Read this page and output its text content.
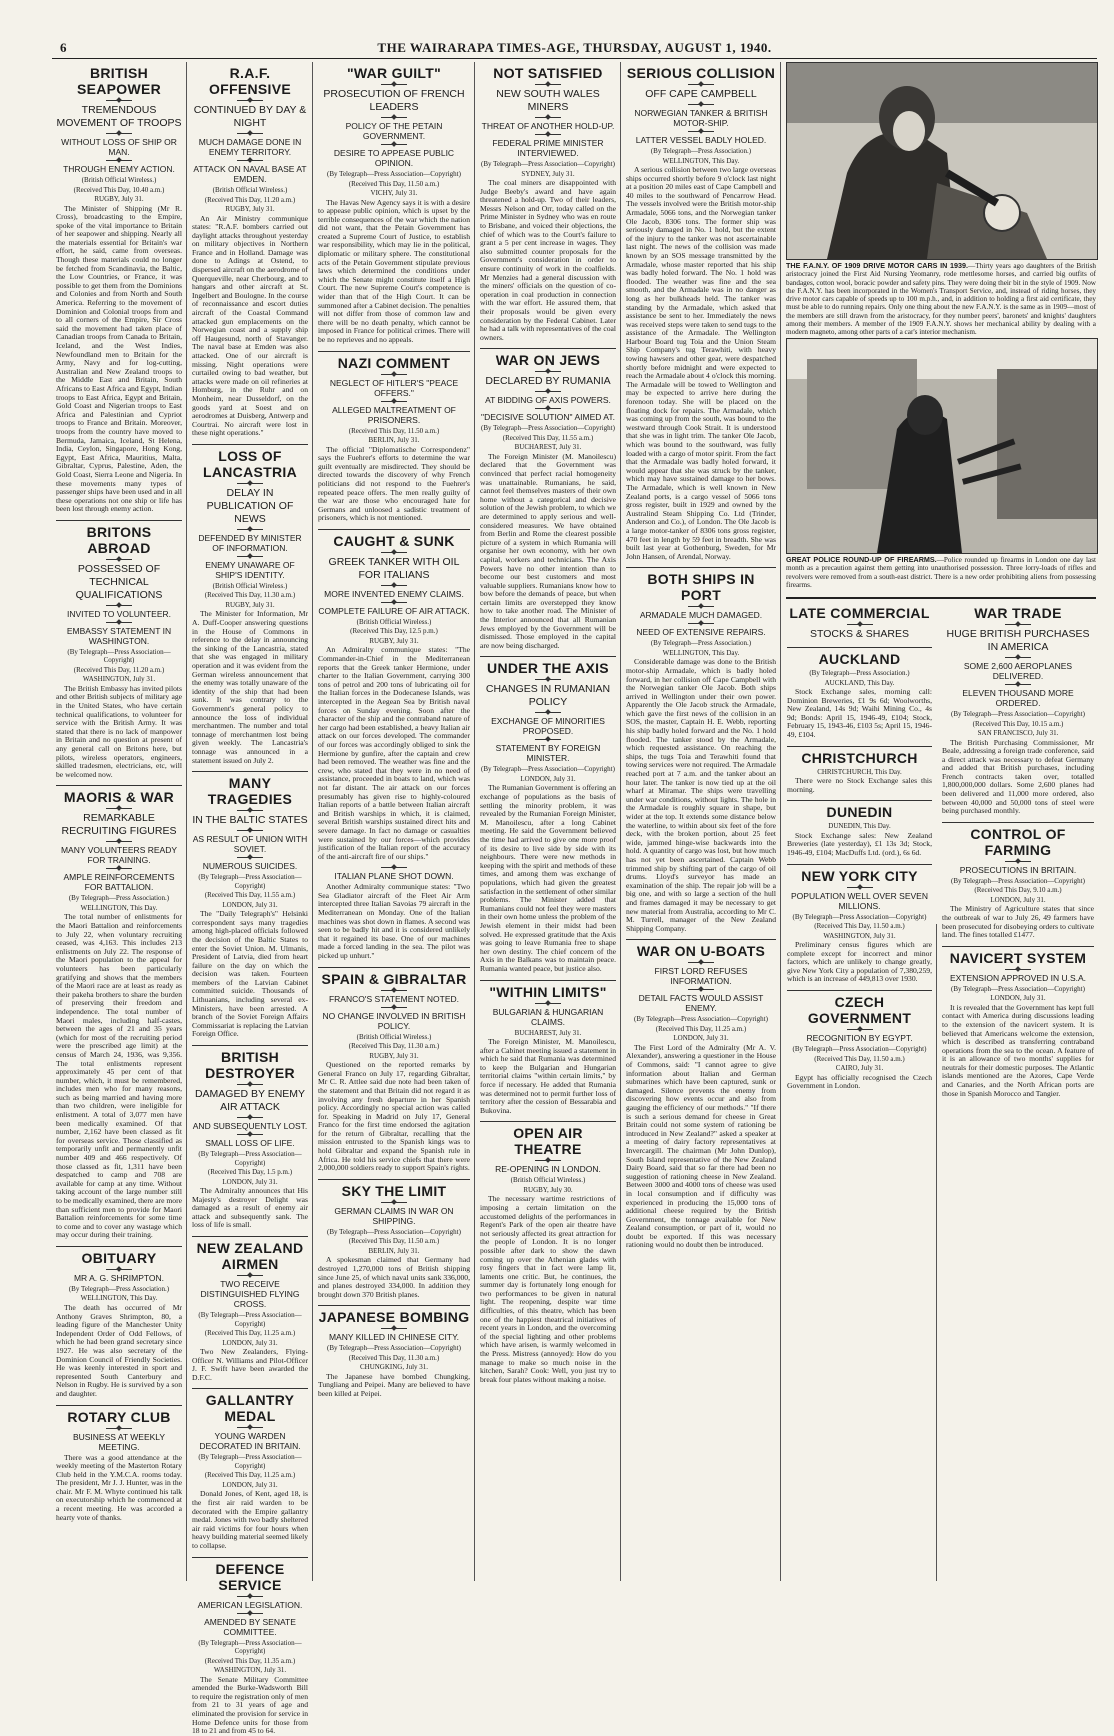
6	THE WAIRARAPA TIMES-AGE, THURSDAY, AUGUST 1, 1940.
BRITISH SEAPOWER
TREMENDOUS MOVEMENT OF TROOPS
WITHOUT LOSS OF SHIP OR MAN.
THROUGH ENEMY ACTION.
(British Official Wireless.)
(Received This Day, 10.40 a.m.)
RUGBY, July 31.

The Minister of Shipping (Mr R. Cross), broadcasting to the Empire, spoke of the vital importance to Britain of her seapower and shipping. Nearly all the materials essential for Britain's war effort, he said, came from overseas. Though these materials could no longer be fetched from Scandinavia, the Baltic, the Low Countries, or France, it was possible to get them from the Dominions and Colonies and from North and South America. Referring to the movement of Dominion and Colonial troops from and to all corners of the Empire, Sir Cross said the movement had taken place of Canadian troops from Canada to Britain, Iceland, and the West Indies, Newfoundland men to Britain for the Army, Navy and for log-cutting, Australian and New Zealand troops to the Middle East and Britain, South Africans to East Africa and Egypt, Indian troops to East Africa, Egypt and Britain, Gold Coast and Nigerian troops to East Africa and Palestinian and Cypriot troops to France and Britain. Moreover, troops from the country have moved to Bermuda, Jamaica, Iceland, St Helena, India, Ceylon, Singapore, Hong Kong, Egypt, East Africa, Mauritius, Malta, Gibraltar, Cyprus, Palestine, Aden, the Gold Coast, Sierra Leone and Nigeria. In these movements many types of passenger ships have been used and in all these operations not one ship or life has been lost through enemy action.

BRITONS ABROAD
POSSESSED OF TECHNICAL QUALIFICATIONS
INVITED TO VOLUNTEER.
EMBASSY STATEMENT IN WASHINGTON.
(By Telegraph—Press Association—Copyright)
(Received This Day, 11.20 a.m.)
WASHINGTON, July 31.

The British Embassy has invited pilots and other British subjects of military age in the United States, who have certain technical qualifications, to volunteer for service with the British Army. It was stated that there is no lack of manpower in Britain and no question at present of any general call on Britons here, but pilots, wireless operators, engineers, skilled tradesmen, electricians, etc, will be welcomed now.

MAORIS & WAR
REMARKABLE RECRUITING FIGURES
MANY VOLUNTEERS READY FOR TRAINING.
AMPLE REINFORCEMENTS FOR BATTALION.
(By Telegraph—Press Association.)
WELLINGTON, This Day.

The total number of enlistments for the Maori Battalion and reinforcements to July 22, when voluntary recruiting ceased, was 4,163. This includes 213 enlistments on July 22. The response of the Maori population to the appeal for volunteers has been particularly gratifying and shows that the members of the Maori race are at least as ready as their pakeha brothers to share the burden of preserving their freedom and independence. The total number of Maori males, including half-castes, between the ages of 21 and 35 years (which for most of the recruiting period were the prescribed age limit) at the census of March 24, 1936, was 9,356. The total enlistments represent approximately 45 per cent of that number, which, it must be remembered, includes men who for many reasons, such as being married and having more than two children, were ineligible for enlistment. A total of 3,077 men have been medically examined. Of that number, 2,162 have been classed as fit for overseas service. Those classified as temporarily unfit and permanently unfit number 409 and 466 respectively. Of those classed as fit, 1,311 have been despatched to camp and 708 are available for camp at any time. Without taking account of the large number still to be medically examined, there are more than sufficient men to provide for Maori Battalion reinforcements for some time to come and to cover any wastage which may occur during their training.

OBITUARY
MR A. G. SHRIMPTON.
(By Telegraph—Press Association.)
WELLINGTON, This Day.

The death has occurred of Mr Anthony Graves Shrimpton, 80, a leading figure of the Manchester Unity Independent Order of Odd Fellows, of which he had been grand secretary since 1927. He was also secretary of the Dominion Council of Friendly Societies. He was keenly interested in sport and represented South Canterbury and Nelson in Rugby. He is survived by a son and daughter.

ROTARY CLUB
BUSINESS AT WEEKLY MEETING.

There was a good attendance at the weekly meeting of the Masterton Rotary Club held in the Y.M.C.A. rooms today. The president, Mr J. J. Hunter, was in the chair. Mr F. M. Whyte continued his talk on executorship which he commenced at a recent meeting. He was accorded a hearty vote of thanks.

R.A.F. OFFENSIVE
CONTINUED BY DAY & NIGHT
MUCH DAMAGE DONE IN ENEMY TERRITORY.
ATTACK ON NAVAL BASE AT EMDEN.
(British Official Wireless.)
(Received This Day, 11.20 a.m.)
RUGBY, July 31.

An Air Ministry communique states: "R.A.F. bombers carried out daylight attacks throughout yesterday on military objectives in Northern France and in Holland. Damage was done to Adings at Ostend, to dispersed aircraft on the aerodrome of Querqueville, near Cherbourg, and to hangars and other aircraft at St. Ingelbert and Boulogne. In the course of reconnaissance and escort duties aircraft of the Coastal Command attacked gun emplacements on the Norwegian coast and a supply ship off Haugesund, north of Stavanger. The naval base at Emden was also attacked. One of our aircraft is missing. Night operations were curtailed owing to bad weather, but attacks were made on oil refineries at Homburg, in the Ruhr and on Monheim, near Dusseldorf, on the goods yard at Soest and on aerodromes at Duisberg, Antwerp and Courtrai. No aircraft were lost in these night operations."

LOSS OF LANCASTRIA
DELAY IN PUBLICATION OF NEWS
DEFENDED BY MINISTER OF INFORMATION.
ENEMY UNAWARE OF SHIP'S IDENTITY.
(British Official Wireless.)
(Received This Day, 11.30 a.m.)
RUGBY, July 31.

The Minister for Information, Mr A. Duff-Cooper answering questions in the House of Commons in reference to the delay in announcing the sinking of the Lancastria, stated that she was engaged in military operation and it was evident from the German wireless announcement that the enemy was totally unaware of the identity of the ship that had been sunk. It was contrary to the Government's general policy to announce the loss of individual merchantmen. The number and total tonnage of merchantmen lost being given weekly. The Lancastria's tonnage was announced in a statement issued on July 2.

MANY TRAGEDIES
IN THE BALTIC STATES
AS RESULT OF UNION WITH SOVIET.
NUMEROUS SUICIDES.
(By Telegraph—Press Association—Copyright)
(Received This Day, 11.55 a.m.)
LONDON, July 31.

The "Daily Telegraph's" Helsinki correspondent says many tragedies among high-placed officials followed the decision of the Baltic States to enter the Soviet Union. M. Ulmanis, President of Latvia, died from heart failure on the day on which the decision was taken. Fourteen members of the Latvian Cabinet committed suicide. Thousands of Lithuanians, including several ex-Ministers, have been arrested. A branch of the Soviet Foreign Affairs Commissariat is replacing the Latvian Foreign Office.

BRITISH DESTROYER
DAMAGED BY ENEMY AIR ATTACK
AND SUBSEQUENTLY LOST.
SMALL LOSS OF LIFE.
(By Telegraph—Press Association—Copyright)
(Received This Day, 1.5 p.m.)
LONDON, July 31.

The Admiralty announces that His Majesty's destroyer Delight was damaged as a result of enemy air attack and subsequently sank. The loss of life is small.

NEW ZEALAND AIRMEN
TWO RECEIVE DISTINGUISHED FLYING CROSS.
(By Telegraph—Press Association—Copyright)
(Received This Day, 11.25 a.m.)
LONDON, July 31.

Two New Zealanders, Flying-Officer N. Williams and Pilot-Officer J. F. Swift have been awarded the D.F.C.

GALLANTRY MEDAL
YOUNG WARDEN DECORATED IN BRITAIN.
(By Telegraph—Press Association—Copyright)
(Received This Day, 11.25 a.m.)
LONDON, July 31.

Donald Jones, of Kent, aged 18, is the first air raid warden to be decorated with the Empire gallantry medal. Jones with two badly sheltered air raid victims for four hours when heavy building material seemed likely to collapse.

DEFENCE SERVICE
AMERICAN LEGISLATION.
AMENDED BY SENATE COMMITTEE.
(By Telegraph—Press Association—Copyright)
(Received This Day, 11.35 a.m.)
WASHINGTON, July 31.

The Senate Military Committee amended the Burke-Wadsworth Bill to require the registration only of men from 21 to 31 years of age and eliminated the provision for service in Home Defence units for those from 18 to 21 and from 45 to 64.

"WAR GUILT"
PROSECUTION OF FRENCH LEADERS
POLICY OF THE PETAIN GOVERNMENT.
DESIRE TO APPEASE PUBLIC OPINION.
(By Telegraph—Press Association—Copyright)
(Received This Day, 11.50 a.m.)
VICHY, July 31.

The Havas New Agency says it is with a desire to appease public opinion, which is upset by the terrible consequences of the war which the nation did not want, that the Petain Government has created a Supreme Court of Justice, to establish war responsibility, which may lie in the political, diplomatic or military sphere. The constitutional acts of the Petain Government stipulate previous laws which determined the conditions under which the Senate might constitute itself a High Court. The new Supreme Court's competence is wider than that of the High Court. It can be summoned after a Cabinet decision. The penalties will not differ from those of common law and there will be no death penalty, which cannot be imposed in France for political crimes. There will be no reprieves and no appeals.

NAZI COMMENT
NEGLECT OF HITLER'S "PEACE OFFERS."
ALLEGED MALTREATMENT OF PRISONERS.
(Received This Day, 11.50 a.m.)
BERLIN, July 31.

The official "Diplomatische Correspondenz" says the Fuehrer's efforts to determine the war guilt eventually are misdirected. They should be directed towards the discovery of why French politicians did not respond to the Fuehrer's repeated peace offers. The men really guilty of the war are those who encouraged hate for Germans and unloosed a sadistic treatment of prisoners, which is not mentioned.

CAUGHT & SUNK
GREEK TANKER WITH OIL FOR ITALIANS
MORE INVENTED ENEMY CLAIMS.
COMPLETE FAILURE OF AIR ATTACK.
(British Official Wireless.)
(Received This Day, 12.5 p.m.)
RUGBY, July 31.

An Admiralty communique states: "The Commander-in-Chief in the Mediterranean reports that the Greek tanker Hermione, under charter to the Italian Government, carrying 300 tons of petrol and 200 tons of lubricating oil for the Italian forces in the Dodecanese Islands, was intercepted in the Aegean Sea by British naval forces on Sunday evening. Soon after the character of the ship and the contraband nature of her cargo had been established, a heavy Italian air attack on our forces developed. The commander of our forces was accordingly obliged to sink the Hermione by gunfire, after the captain and crew had been removed. The weather was fine and the crew, who stated that they were in no need of assistance, proceeded in boats to land, which was not far distant. The air attack on our forces presumably has given rise to highly-coloured Italian reports of a battle between Italian aircraft and British warships in which, it is claimed, several British warships sustained direct hits and severe damage. In fact no damage or casualties were sustained by our forces—which provides justification of the Italian report of the accuracy of the anti-aircraft fire of our ships."

ITALIAN PLANE SHOT DOWN.

Another Admiralty communique states: "Two Sea Gladiator aircraft of the Fleet Air Arm intercepted three Italian Savoias 79 aircraft in the Mediterranean on Monday. One of the Italian machines was shot down in flames. A second was seen to be badly hit and it is considered unlikely that it regained its base. One of our machines made a forced landing in the sea. The pilot was picked up unhurt."

SPAIN & GIBRALTAR
FRANCO'S STATEMENT NOTED.
NO CHANGE INVOLVED IN BRITISH POLICY.
(British Official Wireless.)
(Received This Day, 11.30 a.m.)
RUGBY, July 31.

Questioned on the reported remarks by General Franco on July 17, regarding Gibraltar, Mr C. R. Attlee said due note had been taken of the statement and that Britain did not regard it as involving any fresh departure in her Spanish policy. Accordingly no special action was called for. Speaking in Madrid on July 17, General Franco for the first time endorsed the agitation for the return of Gibraltar, recalling that the mission entrusted to the Spanish kings was to hold Gibraltar and expand the Spanish rule in Africa. He told his service chiefs that there were 2,000,000 soldiers ready to support Spain's rights.

SKY THE LIMIT
GERMAN CLAIMS IN WAR ON SHIPPING.
(By Telegraph—Press Association—Copyright)
(Received This Day, 11.50 a.m.)
BERLIN, July 31.

A spokesman claimed that Germany had destroyed 1,270,000 tons of British shipping since June 25, of which naval units sank 336,000, and planes destroyed 334,000. In addition they brought down 370 British planes.

JAPANESE BOMBING
MANY KILLED IN CHINESE CITY.
(By Telegraph—Press Association—Copyright)
(Received This Day, 11.30 a.m.)
CHUNGKING, July 31.

The Japanese have bombed Chungking, Tungliang and Peipei. Many are believed to have been killed at Peipei.

NOT SATISFIED
NEW SOUTH WALES MINERS
THREAT OF ANOTHER HOLD-UP.
FEDERAL PRIME MINISTER INTERVIEWED.
(By Telegraph—Press Association—Copyright)
SYDNEY, July 31.

The coal miners are disappointed with Judge Beeby's award and have again threatened a hold-up. Two of their leaders, Messrs Nelson and Orr, today called on the Prime Minister in Sydney who was en route to Brisbane, and voiced their objections, the chief of which was to the Court's failure to grant a 5 per cent increase in wages. They also submitted counter proposals for the Government's consideration in order to ensure continuity of work in the coalfields. Mr Menzies had a general discussion with the miners' officials on the question of co-operation in coal production in connection with the war effort. He assured them, that their proposals would be given every consideration by the Federal Cabinet. Later he had a talk with representatives of the coal owners.

WAR ON JEWS
DECLARED BY RUMANIA
AT BIDDING OF AXIS POWERS.
"DECISIVE SOLUTION" AIMED AT.
(By Telegraph—Press Association—Copyright)
(Received This Day, 11.55 a.m.)
BUCHAREST, July 31.

The Foreign Minister (M. Manoilescu) declared that the Government was convinced that perfect racial homogeneity was unattainable. Rumanians, he said, cannot feel themselves masters of their own home without a categorical and decisive solution of the Jewish problem, to which we are determined to apply serious and well-considered measures. We have obtained from Berlin and Rome the clearest possible picture of a system in which Rumania will organise her own economy, with her own capital, workers and technicians. The Axis Powers have no other intention than to become our best customers and most valuable suppliers. Rumanians know how to bow before the demands of peace, but when certain limits are overstepped they know how to take another road. The Minister of the Interior announced that all Rumanian Jews employed by the Government will be dismissed. Those employed in the capital are now being discharged.

UNDER THE AXIS
CHANGES IN RUMANIAN POLICY
EXCHANGE OF MINORITIES PROPOSED.
STATEMENT BY FOREIGN MINISTER.
(By Telegraph—Press Association—Copyright)
LONDON, July 31.

The Rumanian Government is offering an exchange of populations as the basis of settling the minority problem, it was revealed by the Rumanian Foreign Minister, M. Manoilescu, after a long Cabinet meeting. He said the Government believed the time had arrived to give one more proof of its desire to live side by side with its neighbours. There were new methods in keeping with the spirit and methods of these times, and among them was exchange of populations, which had given the greatest satisfaction in the settlement of other similar problems. The Minister added that Rumanians could not feel they were masters in their own home unless the problem of the Jewish element in their midst had been solved. He expressed gratitude that the Axis was going to leave Rumania free to shape her own destiny. The chief concern of the Axis in the Balkans was to maintain peace. Rumania wanted peace, but justice also.

"WITHIN LIMITS"
BULGARIAN & HUNGARIAN CLAIMS.
BUCHAREST, July 31.

The Foreign Minister, M. Manoilescu, after a Cabinet meeting issued a statement in which he said that Rumania was determined to keep the Bulgarian and Hungarian territorial claims "within certain limits," by force if necessary. He added that Rumania was determined not to permit further loss of territory after the cession of Bessarabia and Bukovina.

OPEN AIR THEATRE
RE-OPENING IN LONDON.
(British Official Wireless.)
RUGBY, July 30.

The necessary wartime restrictions of imposing a certain limitation on the accustomed delights of the performances in Regent's Park of the open air theatre have not seriously affected its great attraction for the people of London. It is no longer possible after dark to show the dawn coming up over the Athenian glades with rosy fingers that in fact were lamp lit, laments one critic. But, he continues, the summer day is fortunately long enough for two performances to be given in natural light. The reopening, despite war time difficulties, of this theatre, which has been one of the happiest theatrical initiatives of recent years in London, and the overcoming of the special lighting and other problems which have arisen, is warmly welcomed in the Press. Mistress (annoyed): How do you manage to make so much noise in the kitchen, Sarah? Cook: Well, you just try to break four plates without making a noise.

SERIOUS COLLISION
OFF CAPE CAMPBELL
NORWEGIAN TANKER & BRITISH MOTOR-SHIP.
LATTER VESSEL BADLY HOLED.
(By Telegraph—Press Association.)
WELLINGTON, This Day.

A serious collision between two large overseas ships occurred shortly before 9 o'clock last night at a position 20 miles east of Cape Campbell and 40 miles to the southward of Pencarrow Head. The vessels involved were the British motor-ship Armadale, 5066 tons, and the Norwegian tanker Ole Jacob, 8306 tons. The former ship was seriously damaged in No. 1 hold, but the extent of the injury to the tanker was not ascertainable last night. The news of the collision was made known by an SOS message transmitted by the Armadale, whose master reported that his ship was badly holed forward. The No. 1 hold was flooded. The weather was fine and the sea smooth, and the Armadale was in no danger as long as her bulkheads held. The tanker was standing by the Armadale, which asked that assistance be sent to her. Immediately the news was received steps were taken to send tugs to the assistance of the Armadale. The Wellington Harbour Board tug Toia and the Union Steam Ship Company's tug Terawhiti, with heavy towing hawsers and other gear, were despatched shortly before midnight and were expected to reach the Armadale about 4 o'clock this morning. The Armadale will be towed to Wellington and may be expected to arrive here during the forenoon today. She will be placed on the floating dock for repairs. The Armadale, which was coming up from the south, was bound to the westward through Cook Strait. It is understood that she was in light trim. The tanker Ole Jacob, which was bound to the southward, was fully loaded with a cargo of motor spirit. From the fact that the Armadale was badly holed forward, it would appear that she was struck by the tanker, which may have sustained damage to her bows. The Armadale, which is well known in New Zealand ports, is a cargo vessel of 5066 tons gross register, built in 1929 and owned by the Australind Steam Shipping Co. Ltd (Trinder, Anderson and Co.), of London. The Ole Jacob is a large motor-tanker of 8306 tons gross register, 470 feet in length by 59 feet in breadth. She was built last year at Gothenburg, Sweden, for Mr John Hansen, of Arendal, Norway.

BOTH SHIPS IN PORT
ARMADALE MUCH DAMAGED.
NEED OF EXTENSIVE REPAIRS.
(By Telegraph—Press Association.)
WELLINGTON, This Day.

Considerable damage was done to the British motor-ship Armadale, which is badly holed forward, in her collision off Cape Campbell with the Norwegian tanker Ole Jacob. Both ships arrived in Wellington under their own power. Apparently the Ole Jacob struck the Armadale, which gave the first news of the collision in an SOS, the master, Captain H. E. Webb, reporting his ship badly holed forward and the No. 1 hold flooded. The tanker stood by the Armadale, which requested assistance. On reaching the ships, the tugs Toia and Terawhiti found that towing services were not required. The Armadale reached port at 7 a.m. and the tanker about an hour later. The tanker is now tied up at the oil wharf at Miramar. The ships were travelling under war conditions, without lights. The hole in the Armadale is roughly square in shape, but wider at the top. It extends some distance below the waterline, to within about six feet of the fore deck, with the broken portion, about 25 feet wide, jammed hinge-wise backwards into the hold. A quantity of cargo was lost, but how much has not yet been ascertained. Captain Webb trimmed ship by shifting part of the cargo of oil drums. Lloyd's surveyor has made an examination of the ship. The repair job will be a big one, and with so large a section of the hull and frames damaged it may be necessary to get new material from Australia, according to Mr C. M. Turrell, manager of the New Zealand Shipping Company.

WAR ON U-BOATS
FIRST LORD REFUSES INFORMATION.
DETAIL FACTS WOULD ASSIST ENEMY.
(By Telegraph—Press Association—Copyright)
(Received This Day, 11.25 a.m.)
LONDON, July 31.

The First Lord of the Admiralty (Mr A. V. Alexander), answering a questioner in the House of Commons, said: "I cannot agree to give information about Italian and German submarines which have been captured, sunk or damaged. Silence prevents the enemy from discovering how events occur and also from gauging the efficiency of our methods." "If there is such a serious demand for cheese in Great Britain could not some system of rationing be introduced in New Zealand?" asked a speaker at a meeting of dairy factory representatives at Invercargill. The chairman (Mr John Dunlop), South Island representative of the New Zealand Dairy Board, said that so far there had been no suggestion of rationing cheese in New Zealand. Between 3000 and 4000 tons of cheese was used in local consumption and if difficulty was experienced in producing the 15,000 tons of additional cheese required by the British Government, the tonnage available for New Zealand consumption, or part of it, would no doubt be exported. If this was necessary rationing would no doubt then be introduced.

THE F.A.N.Y. OF 1909 DRIVE MOTOR CARS IN 1939.—Thirty years ago daughters of the British aristocracy joined the First Aid Nursing Yeomanry, rode mettlesome horses, and carried big outfits of bandages, cotton wool, boracic powder and safety pins. They were doing their bit in the style of 1909. Now the F.A.N.Y. has been incorporated in the Women's Transport Service, and, instead of riding horses, they drive motor cars capable of speeds up to 100 m.p.h., and, in addition to holding a first aid certificate, they must be able to do running repairs. Only one thing about the new F.A.N.Y. is the same as in 1909—most of the members are still drawn from the aristocracy, for they number peers', baronets' and knights' daughters among their members. A member of the 1909 F.A.N.Y. shows her mechanical ability by dealing with a modern magneto, among other parts of a car's interior mechanism.
GREAT POLICE ROUND-UP OF FIREARMS.—Police rounded up firearms in London one day last month as a precaution against them getting into unauthorised possession. Three lorry-loads of rifles and revolvers were removed from a south-east district. There is a new order prohibiting aliens from possessing firearms.
LATE COMMERCIAL
STOCKS & SHARES
AUCKLAND
(By Telegraph—Press Association.)
AUCKLAND, This Day.

Stock Exchange sales, morning call: Dominion Breweries, £1 9s 6d; Woolworths, New Zealand, 14s 9d; Waihi Mining Co., 4s 9d; Bonds: April 15, 1946-49, £104; Stock, February 15, 1943-46, £103 5s; April 15, 1946-49, £104.

CHRISTCHURCH
CHRISTCHURCH, This Day.

There were no Stock Exchange sales this morning.

DUNEDIN
DUNEDIN, This Day.

Stock Exchange sales: New Zealand Breweries (late yesterday), £1 13s 3d; Stock, 1946-49, £104; MacDuffs Ltd. (ord.), 6s 6d.

NEW YORK CITY
POPULATION WELL OVER SEVEN MILLIONS.
(By Telegraph—Press Association—Copyright)
(Received This Day, 11.50 a.m.)
WASHINGTON, July 31.

Preliminary census figures which are complete except for incorrect and minor factors, which are unlikely to change greatly, give New York City a population of 7,380,259, which is an increase of 449,813 over 1930.

CZECH GOVERNMENT
RECOGNITION BY EGYPT.
(By Telegraph—Press Association—Copyright)
(Received This Day, 11.50 a.m.)
CAIRO, July 31.

Egypt has officially recognised the Czech Government in London.

WAR TRADE
HUGE BRITISH PURCHASES IN AMERICA
SOME 2,600 AEROPLANES DELIVERED.
ELEVEN THOUSAND MORE ORDERED.
(By Telegraph—Press Association—Copyright)
(Received This Day, 10.15 a.m.)
SAN FRANCISCO, July 31.

The British Purchasing Commissioner, Mr Beale, addressing a foreign trade conference, said a direct attack was necessary to defeat Germany and added that British purchases, including French contracts taken over, totalled 1,800,000,000 dollars. Some 2,600 planes had been delivered and 11,000 more ordered, also between 40,000 and 50,000 tons of steel were being purchased monthly.

CONTROL OF FARMING
PROSECUTIONS IN BRITAIN.
(By Telegraph—Press Association—Copyright)
(Received This Day, 9.10 a.m.)
LONDON, July 31.

The Ministry of Agriculture states that since the outbreak of war to July 26, 49 farmers have been prosecuted for disobeying orders to cultivate land. The fines totalled £1477.

NAVICERT SYSTEM
EXTENSION APPROVED IN U.S.A.
(By Telegraph—Press Association—Copyright)
LONDON, July 31.

It is revealed that the Government has kept full contact with America during discussions leading to the extension of the navicert system. It is believed that Americans welcome the extension, which is described as transferring contraband operations from the sea to the ocean. A feature of it is an allowance of two months' supplies for neutrals for their domestic purposes. The Atlantic islands mentioned are the Azores, Cape Verde and Canaries, and the North African ports are those in Spanish Morocco and Tangier.
